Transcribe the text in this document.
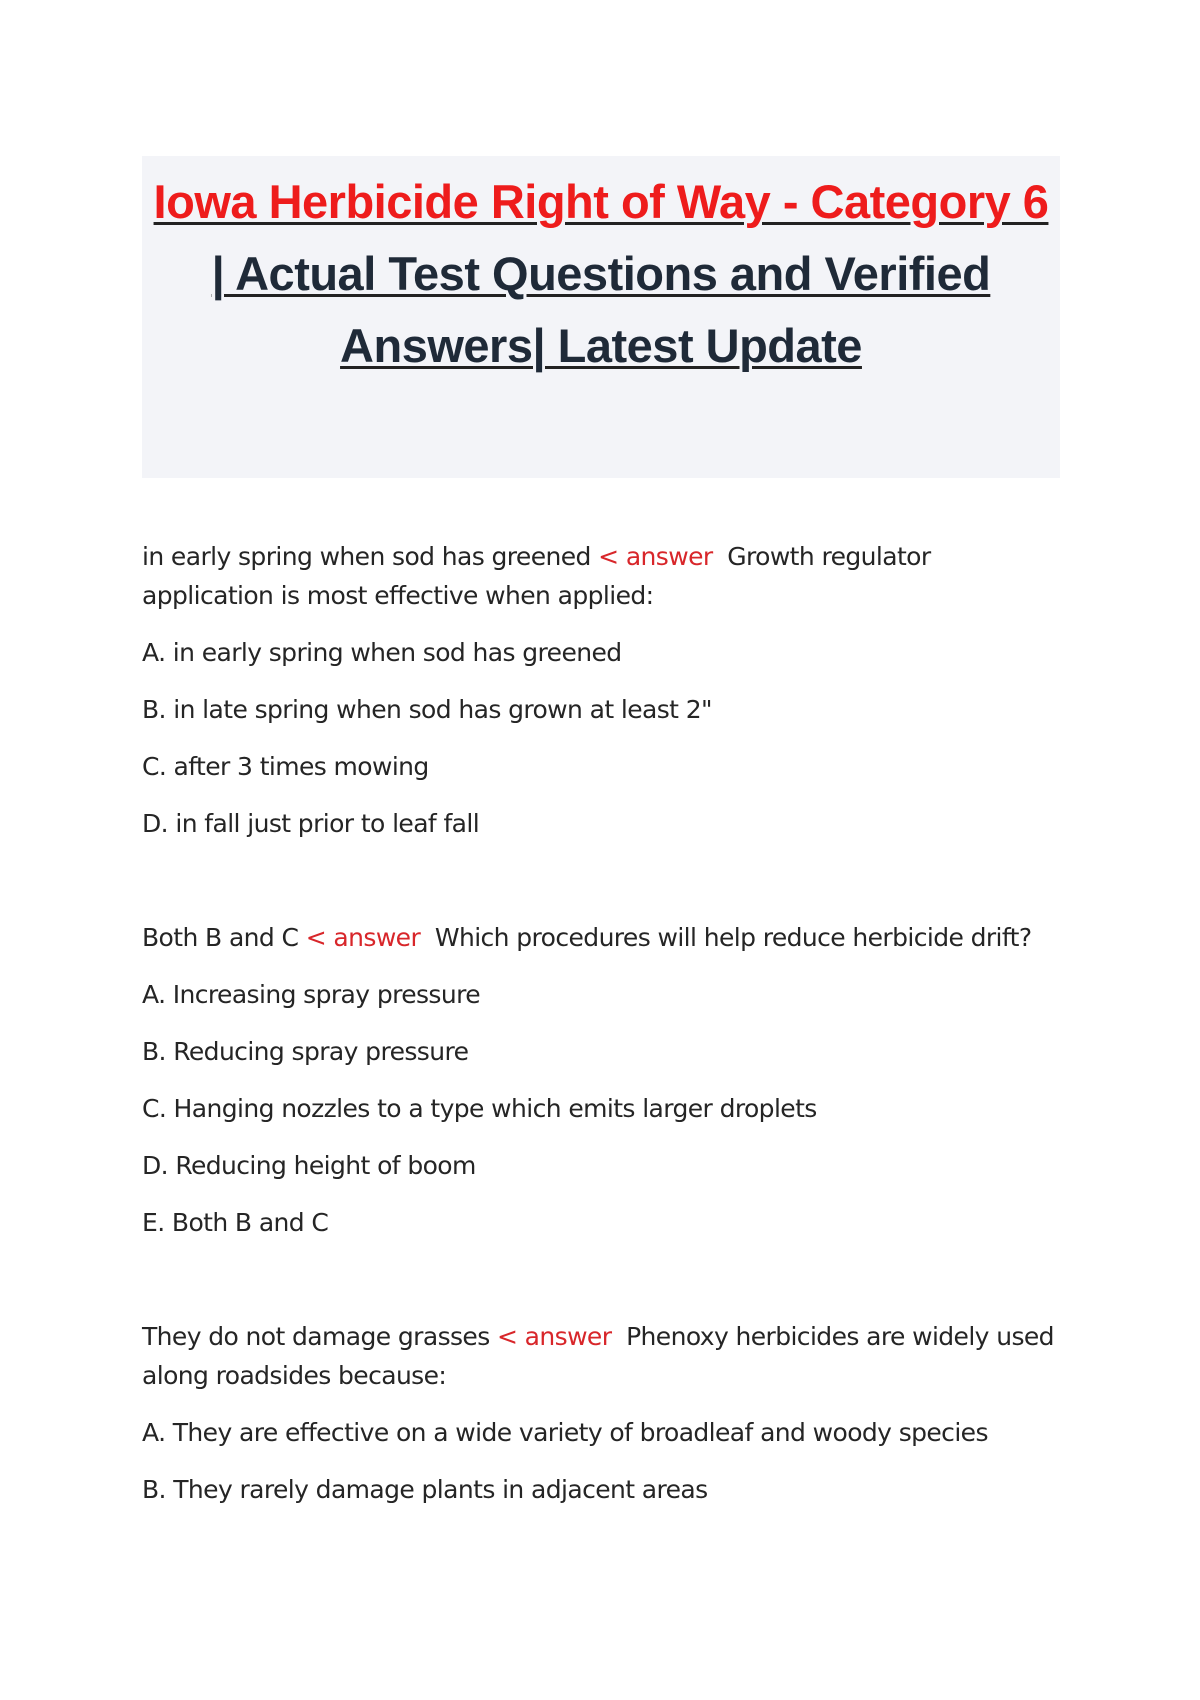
Iowa Herbicide Right of Way - Category 6 | Actual Test Questions and Verified Answers| Latest Update

in early spring when sod has greened < answer Growth regulator application is most effective when applied:

A. in early spring when sod has greened

B. in late spring when sod has grown at least 2"

C. after 3 times mowing

D. in fall just prior to leaf fall

Both B and C < answer Which procedures will help reduce herbicide drift?

A. Increasing spray pressure

B. Reducing spray pressure

C. Hanging nozzles to a type which emits larger droplets

D. Reducing height of boom

E. Both B and C

They do not damage grasses < answer Phenoxy herbicides are widely used along roadsides because:

A. They are effective on a wide variety of broadleaf and woody species

B. They rarely damage plants in adjacent areas
